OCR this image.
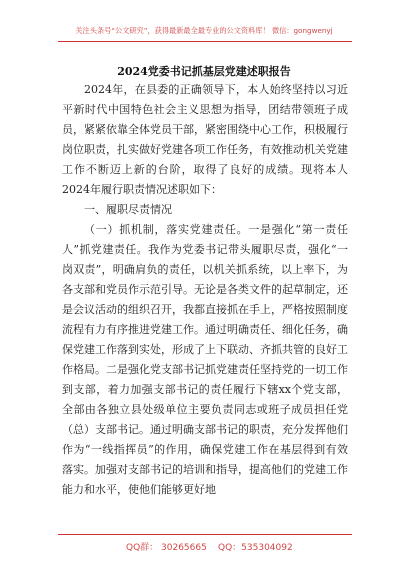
关注头条号“公文研究”，获得最新最全最专业的公文资料库！ 微信：gongwenyj
2024党委书记抓基层党建述职报告

2024年，在县委的正确领导下，本人始终坚持以习近平新时代中国特色社会主义思想为指导，团结带领班子成员，紧紧依靠全体党员干部，紧密围绕中心工作，积极履行岗位职责，扎实做好党建各项工作任务，有效推动机关党建工作不断迈上新的台阶，取得了良好的成绩。现将本人2024年履行职责情况述职如下：

一、履职尽责情况

（一）抓机制，落实党建责任。一是强化“第一责任人”抓党建责任。我作为党委书记带头履职尽责，强化“一岗双责”，明确肩负的责任，以机关抓系统，以上率下，为各支部和党员作示范引导。无论是各类文件的起草制定，还是会议活动的组织召开，我都直接抓在手上，严格按照制度流程有力有序推进党建工作。通过明确责任、细化任务，确保党建工作落到实处，形成了上下联动、齐抓共管的良好工作格局。二是强化党支部书记抓党建责任坚持党的一切工作到支部，着力加强支部书记的责任履行下辖xx个党支部，全部由各独立县处级单位主要负责同志或班子成员担任党（总）支部书记。通过明确支部书记的职责，充分发挥他们作为“一线指挥员”的作用，确保党建工作在基层得到有效落实。加强对支部书记的培训和指导，提高他们的党建工作能力和水平，使他们能够更好地

QQ群： 30265665 QQ：535304092
